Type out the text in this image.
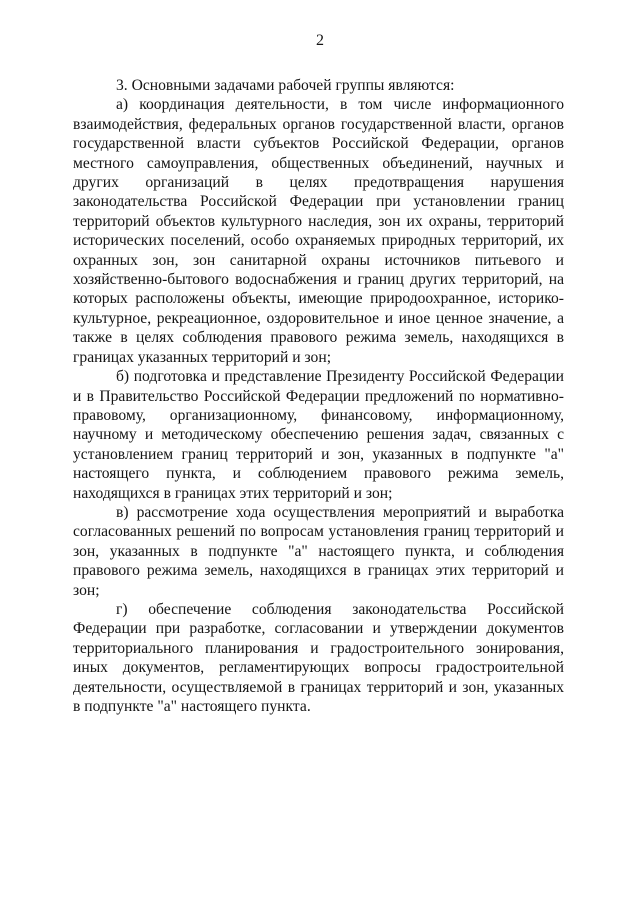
2

3. Основными задачами рабочей группы являются:

а) координация деятельности, в том числе информационного взаимодействия, федеральных органов государственной власти, органов государственной власти субъектов Российской Федерации, органов местного самоуправления, общественных объединений, научных и других организаций в целях предотвращения нарушения законодательства Российской Федерации при установлении границ территорий объектов культурного наследия, зон их охраны, территорий исторических поселений, особо охраняемых природных территорий, их охранных зон, зон санитарной охраны источников питьевого и хозяйственно-бытового водоснабжения и границ других территорий, на которых расположены объекты, имеющие природоохранное, историко-культурное, рекреационное, оздоровительное и иное ценное значение, а также в целях соблюдения правового режима земель, находящихся в границах указанных территорий и зон;

б) подготовка и представление Президенту Российской Федерации и в Правительство Российской Федерации предложений по нормативно-правовому, организационному, финансовому, информационному, научному и методическому обеспечению решения задач, связанных с установлением границ территорий и зон, указанных в подпункте "а" настоящего пункта, и соблюдением правового режима земель, находящихся в границах этих территорий и зон;

в) рассмотрение хода осуществления мероприятий и выработка согласованных решений по вопросам установления границ территорий и зон, указанных в подпункте "а" настоящего пункта, и соблюдения правового режима земель, находящихся в границах этих территорий и зон;

г) обеспечение соблюдения законодательства Российской Федерации при разработке, согласовании и утверждении документов территориального планирования и градостроительного зонирования, иных документов, регламентирующих вопросы градостроительной деятельности, осуществляемой в границах территорий и зон, указанных в подпункте "а" настоящего пункта.
